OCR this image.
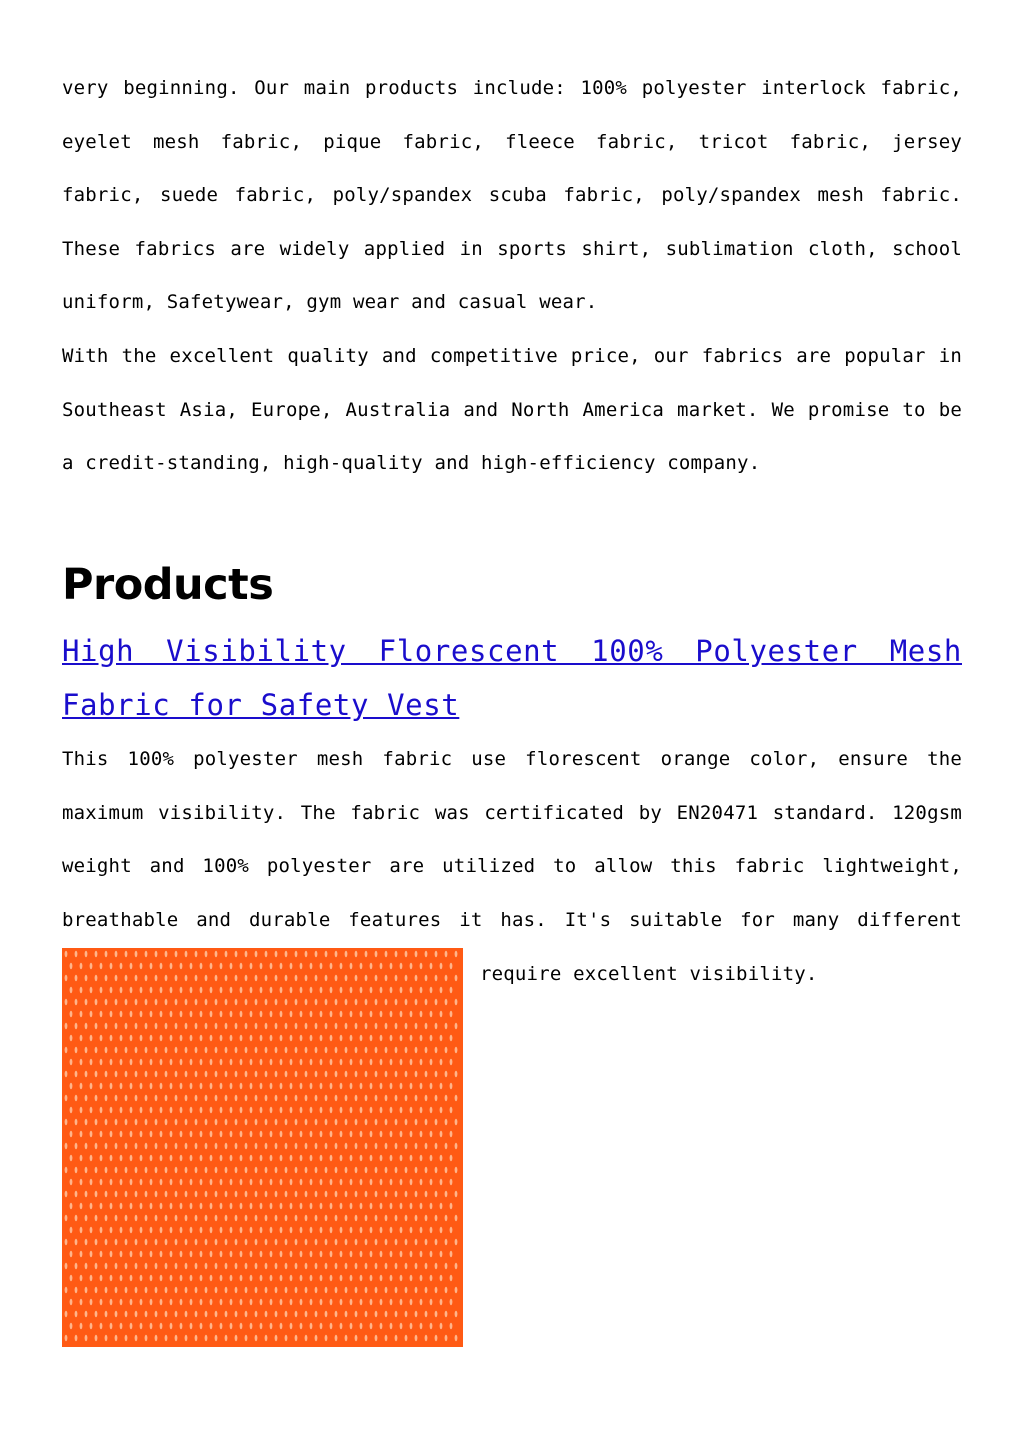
very beginning. Our main products include: 100% polyester interlock fabric, eyelet mesh fabric, pique fabric, fleece fabric, tricot fabric, jersey fabric, suede fabric, poly/spandex scuba fabric, poly/spandex mesh fabric. These fabrics are widely applied in sports shirt, sublimation cloth, school uniform, Safetywear, gym wear and casual wear.

With the excellent quality and competitive price, our fabrics are popular in Southeast Asia, Europe, Australia and North America market. We promise to be a credit-standing, high-quality and high-efficiency company.

Products
High Visibility Florescent 100% Polyester Mesh Fabric for Safety Vest

This 100% polyester mesh fabric use florescent orange color, ensure the maximum visibility. The fabric was certificated by EN20471 standard. 120gsm weight and 100% polyester are utilized to allow this fabric lightweight, breathable and durable features it has. It's suitable for many different

require excellent visibility.
